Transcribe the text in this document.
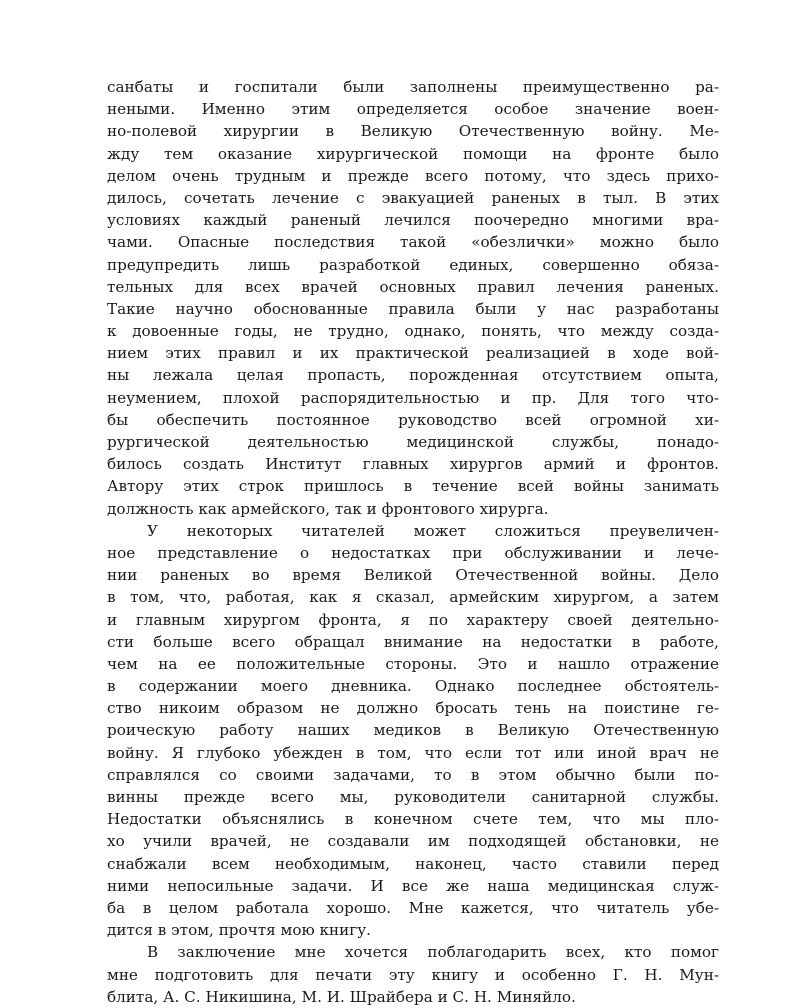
санбаты и госпитали были заполнены преимущественно ра-
неными. Именно этим определяется особое значение воен-
но-полевой хирургии в Великую Отечественную войну. Ме-
жду тем оказание хирургической помощи на фронте было
делом очень трудным и прежде всего потому, что здесь прихо-
дилось, сочетать лечение с эвакуацией раненых в тыл. В этих
условиях каждый раненый лечился поочередно многими вра-
чами. Опасные последствия такой «обезлички» можно было
предупредить лишь разработкой единых, совершенно обяза-
тельных для всех врачей основных правил лечения раненых.
Такие научно обоснованные правила были у нас разработаны
к довоенные годы, не трудно, однако, понять, что между созда-
нием этих правил и их практической реализацией в ходе вой-
ны лежала целая пропасть, порожденная отсутствием опыта,
неумением, плохой распорядительностью и пр. Для того что-
бы обеспечить постоянное руководство всей огромной хи-
рургической деятельностью медицинской службы, понадо-
билось создать Институт главных хирургов армий и фронтов.
Автору этих строк пришлось в течение всей войны занимать
должность как армейского, так и фронтового хирурга.
У некоторых читателей может сложиться преувеличен-
ное представление о недостатках при обслуживании и лече-
нии раненых во время Великой Отечественной войны. Дело
в том, что, работая, как я сказал, армейским хирургом, а затем
и главным хирургом фронта, я по характеру своей деятельно-
сти больше всего обращал внимание на недостатки в работе,
чем на ее положительные стороны. Это и нашло отражение
в содержании моего дневника. Однако последнее обстоятель-
ство никоим образом не должно бросать тень на поистине ге-
роическую работу наших медиков в Великую Отечественную
войну. Я глубоко убежден в том, что если тот или иной врач не
справлялся со своими задачами, то в этом обычно были по-
винны прежде всего мы, руководители санитарной службы.
Недостатки объяснялись в конечном счете тем, что мы пло-
хо учили врачей, не создавали им подходящей обстановки, не
снабжали всем необходимым, наконец, часто ставили перед
ними непосильные задачи. И все же наша медицинская служ-
ба в целом работала хорошо. Мне кажется, что читатель убе-
дится в этом, прочтя мою книгу.
В заключение мне хочется поблагодарить всех, кто помог
мне подготовить для печати эту книгу и особенно Г. Н. Мун-
блита, А. С. Никишина, М. И. Шрайбера и С. Н. Миняйло.
